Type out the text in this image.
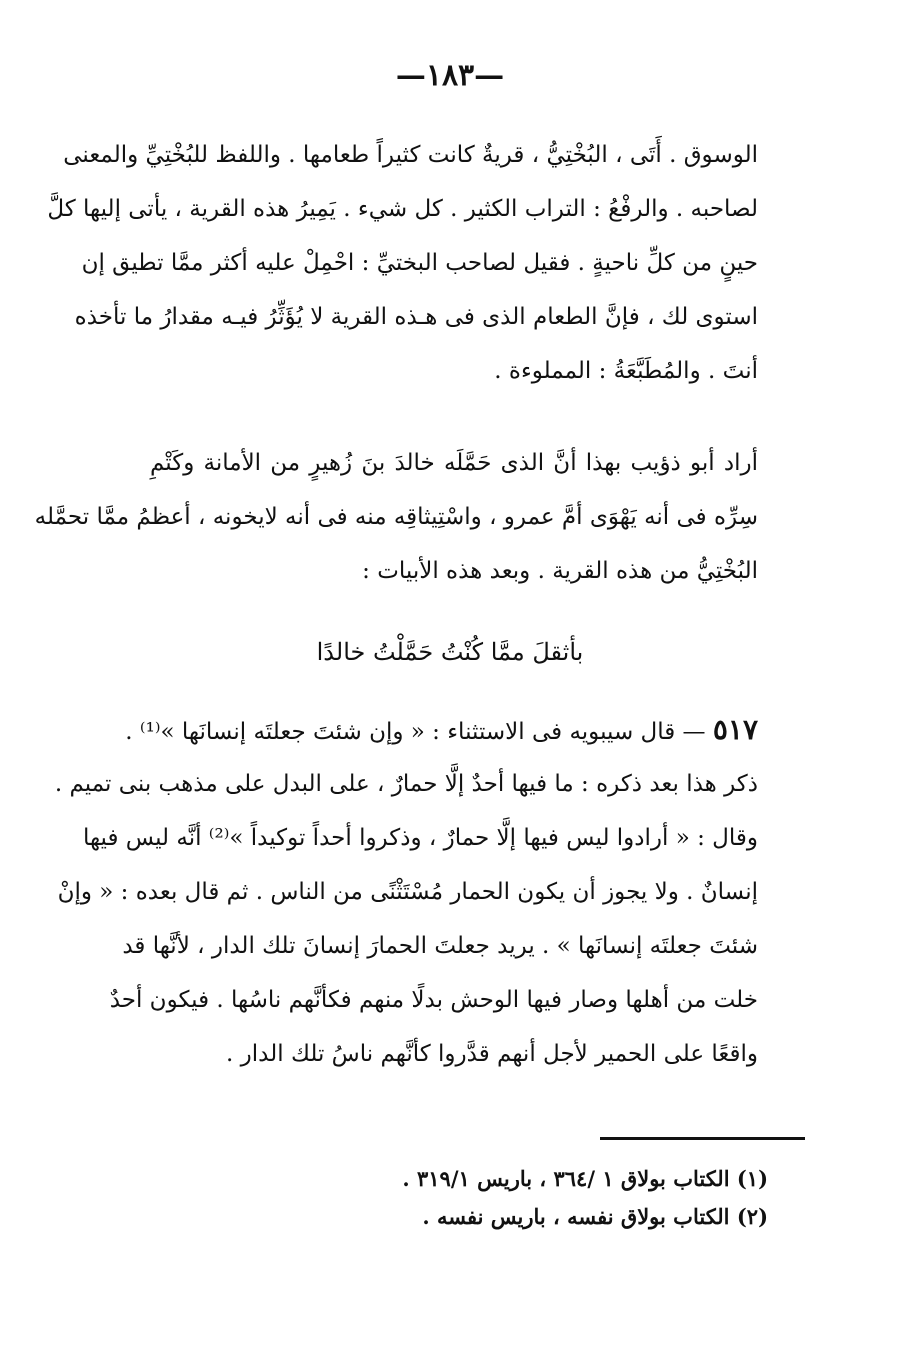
—١٨٣—
الوسوق . أَتَى ، البُخْتِيُّ ، قريةٌ كانت كثيراً طعامها . واللفظ للبُخْتِيِّ والمعنى
لصاحبه . والرفْعُ : التراب الكثير . كل شيء . يَمِيرُ هذه القرية ، يأتى إليها كلَّ
حينٍ من كلِّ ناحيةٍ . فقيل لصاحب البختيِّ : احْمِلْ عليه أكثر ممَّا تطيق إن
استوى لك ، فإنَّ الطعام الذى فى هـذه القرية لا يُؤَثِّرُ فيـه مقدارُ ما تأخذه
أنتَ . والمُطَبَّعَةُ : المملوءة .
أراد أبو ذؤيب بهذا أنَّ الذى حَمَّلَه خالدَ بنَ زُهيرٍ من الأمانة وكَتْمِ
سِرِّه فى أنه يَهْوَى أمَّ عمرو ، واسْتِيثاقِه منه فى أنه لايخونه ، أعظمُ ممَّا تحمَّله
البُخْتِيُّ من هذه القرية . وبعد هذه الأبيات :
بأثقلَ ممَّا كُنْتُ حَمَّلْتُ خالدًا
٥١٧ — قال سيبويه فى الاستثناء : « وإن شئتَ جعلتَه إنسانَها »⁽¹⁾ .
ذكر هذا بعد ذكره : ما فيها أحدٌ إلَّا حمارٌ ، على البدل على مذهب بنى تميم .
وقال : « أرادوا ليس فيها إلَّا حمارٌ ، وذكروا أحداً توكيداً »⁽²⁾ أنَّه ليس فيها
إنسانٌ . ولا يجوز أن يكون الحمار مُسْتَثْنًى من الناس . ثم قال بعده : « وإنْ
شئتَ جعلتَه إنسانَها » . يريد جعلتَ الحمارَ إنسانَ تلك الدار ، لأنَّها قد
خلت من أهلها وصار فيها الوحش بدلًا منهم فكأنَّهم ناسُها . فيكون أحدٌ
واقعًا على الحمير لأجل أنهم قدَّروا كأنَّهم ناسُ تلك الدار .
(١) الكتاب بولاق ١ /٣٦٤ ، باريس ٣١٩/١ .
(٢) الكتاب بولاق نفسه ، باريس نفسه .
